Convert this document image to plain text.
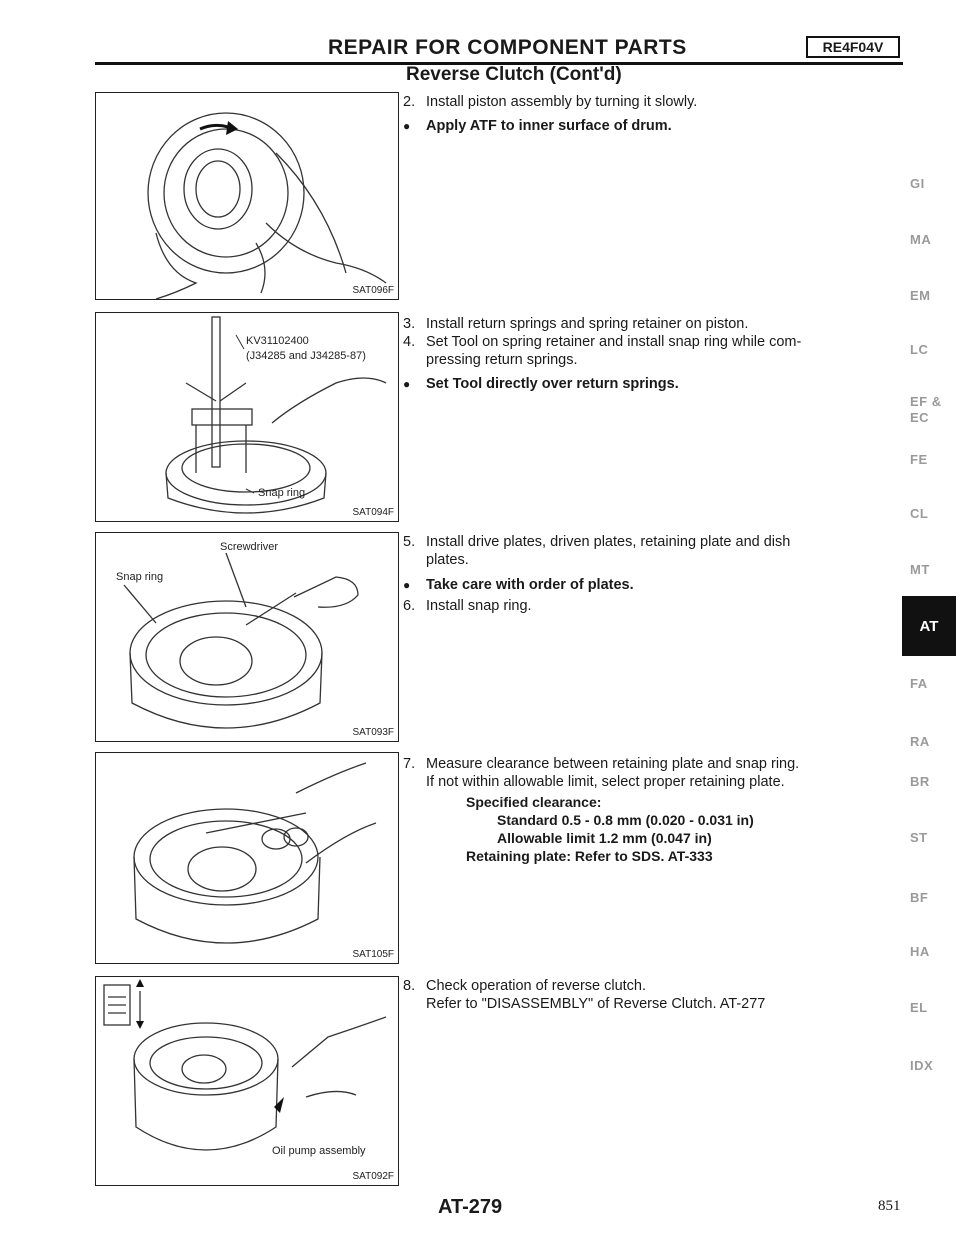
REPAIR FOR COMPONENT PARTS	RE4F04V
Reverse Clutch (Cont'd)
SAT096F
KV31102400
(J34285 and J34285-87)
Snap ring
SAT094F
Screwdriver
Snap ring
SAT093F
SAT105F
Oil pump assembly
SAT092F
2. Install piston assembly by turning it slowly.
● Apply ATF to inner surface of drum.
3. Install return springs and spring retainer on piston.
4. Set Tool on spring retainer and install snap ring while com-
pressing return springs.
● Set Tool directly over return springs.
5. Install drive plates, driven plates, retaining plate and dish
plates.
● Take care with order of plates.
6. Install snap ring.
7. Measure clearance between retaining plate and snap ring.
If not within allowable limit, select proper retaining plate.
Specified clearance:
Standard 0.5 - 0.8 mm (0.020 - 0.031 in)
Allowable limit 1.2 mm (0.047 in)
Retaining plate: Refer to SDS. AT-333
8. Check operation of reverse clutch.
Refer to "DISASSEMBLY" of Reverse Clutch. AT-277
GI
MA
EM
LC
EF &
EC
FE
CL
MT
AT
FA
RA
BR
ST
BF
HA
EL
IDX
AT-279	851
